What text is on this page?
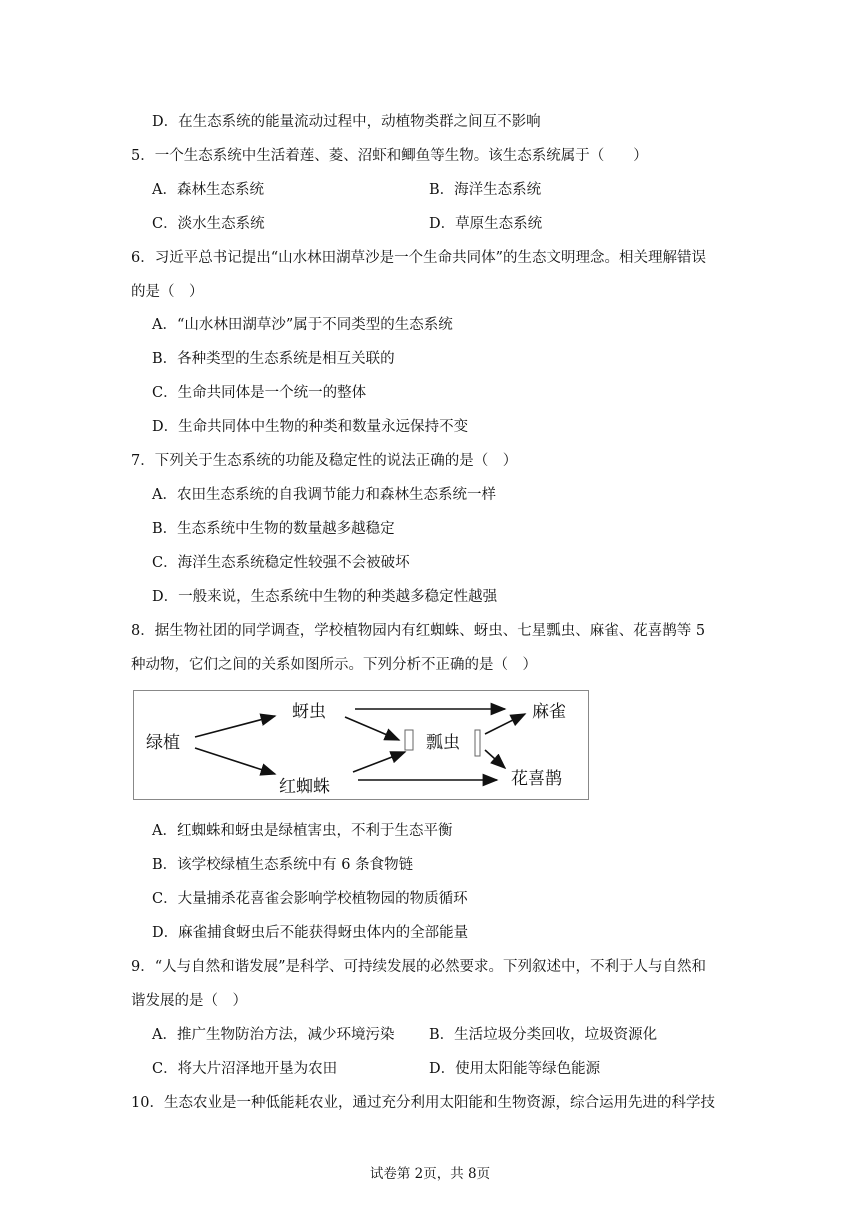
D．在生态系统的能量流动过程中，动植物类群之间互不影响
5．一个生态系统中生活着莲、菱、沼虾和鲫鱼等生物。该生态系统属于（　　）
A．森林生态系统	B．海洋生态系统
C．淡水生态系统	D．草原生态系统
6．习近平总书记提出“山水林田湖草沙是一个生命共同体”的生态文明理念。相关理解错误
的是（　）
A．“山水林田湖草沙”属于不同类型的生态系统
B．各种类型的生态系统是相互关联的
C．生命共同体是一个统一的整体
D．生命共同体中生物的种类和数量永远保持不变
7．下列关于生态系统的功能及稳定性的说法正确的是（　）
A．农田生态系统的自我调节能力和森林生态系统一样
B．生态系统中生物的数量越多越稳定
C．海洋生态系统稳定性较强不会被破坏
D．一般来说，生态系统中生物的种类越多稳定性越强
8．据生物社团的同学调查，学校植物园内有红蜘蛛、蚜虫、七星瓢虫、麻雀、花喜鹊等 5
种动物，它们之间的关系如图所示。下列分析不正确的是（　）
绿植
蚜虫
红蜘蛛
瓢虫
麻雀
花喜鹊
A．红蜘蛛和蚜虫是绿植害虫，不利于生态平衡
B．该学校绿植生态系统中有 6 条食物链
C．大量捕杀花喜雀会影响学校植物园的物质循环
D．麻雀捕食蚜虫后不能获得蚜虫体内的全部能量
9．“人与自然和谐发展”是科学、可持续发展的必然要求。下列叙述中，不利于人与自然和
谐发展的是（　）
A．推广生物防治方法，减少环境污染 B．生活垃圾分类回收，垃圾资源化
C．将大片沼泽地开垦为农田	D．使用太阳能等绿色能源
10．生态农业是一种低能耗农业，通过充分利用太阳能和生物资源，综合运用先进的科学技
试卷第 2页，共 8页
